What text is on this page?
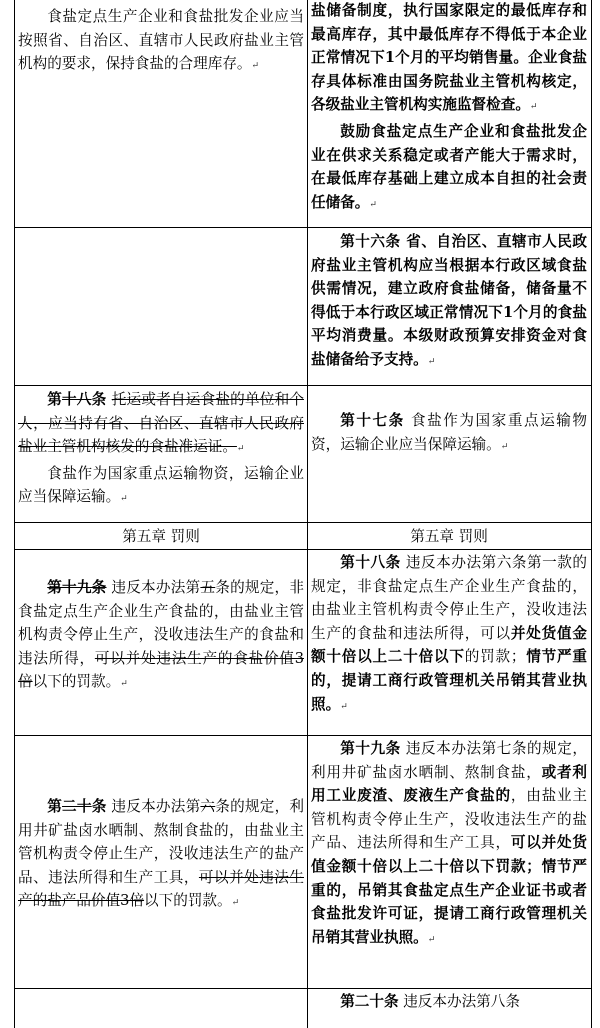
食盐定点生产企业和食盐批发企业应当按照省、自治区、直辖市人民政府盐业主管机构的要求，保持食盐的合理库存。↵
盐储备制度，执行国家限定的最低库存和最高库存，其中最低库存不得低于本企业正常情况下1个月的平均销售量。企业食盐存具体标准由国务院盐业主管机构核定，各级盐业主管机构实施监督检查。↵
鼓励食盐定点生产企业和食盐批发企业在供求关系稳定或者产能大于需求时，在最低库存基础上建立成本自担的社会责任储备。↵
第十六条 省、自治区、直辖市人民政府盐业主管机构应当根据本行政区域食盐供需情况，建立政府食盐储备，储备量不得低于本行政区域正常情况下1个月的食盐平均消费量。本级财政预算安排资金对食盐储备给予支持。↵
第十八条 托运或者自运食盐的单位和个人，应当持有省、自治区、直辖市人民政府盐业主管机构核发的食盐准运证。↵
食盐作为国家重点运输物资，运输企业应当保障运输。↵
第十七条 食盐作为国家重点运输物资，运输企业应当保障运输。↵
第五章 罚则	第五章 罚则
第十九条 违反本办法第五条的规定，非食盐定点生产企业生产食盐的，由盐业主管机构责令停止生产，没收违法生产的食盐和违法所得，可以并处违法生产的食盐价值3倍以下的罚款。↵
第十八条 违反本办法第六条第一款的规定，非食盐定点生产企业生产食盐的，由盐业主管机构责令停止生产，没收违法生产的食盐和违法所得，可以并处货值金额十倍以上二十倍以下的罚款；情节严重的，提请工商行政管理机关吊销其营业执照。↵
第二十条 违反本办法第六条的规定，利用井矿盐卤水晒制、熬制食盐的，由盐业主管机构责令停止生产，没收违法生产的盐产品、违法所得和生产工具，可以并处违法生产的盐产品价值3倍以下的罚款。↵
第十九条 违反本办法第七条的规定，利用井矿盐卤水晒制、熬制食盐，或者利用工业废渣、废液生产食盐的，由盐业主管机构责令停止生产，没收违法生产的盐产品、违法所得和生产工具，可以并处货值金额十倍以上二十倍以下罚款；情节严重的，吊销其食盐定点生产企业证书或者食盐批发许可证，提请工商行政管理机关吊销其营业执照。↵
第二十条 违反本办法第八条
